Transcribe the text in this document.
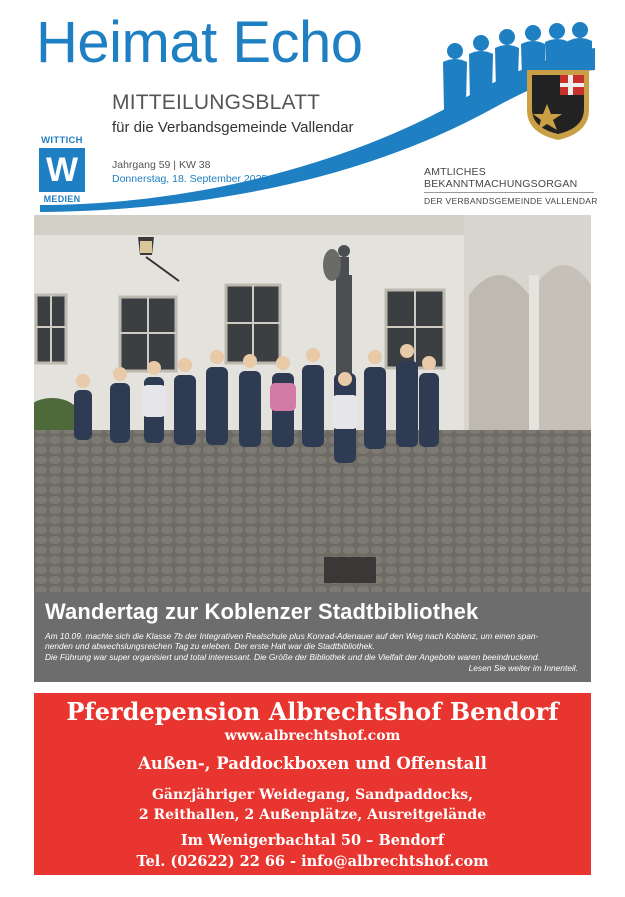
Heimat Echo
MITTEILUNGSBLATT
für die Verbandsgemeinde Vallendar
WITTICH
W
MEDIEN
Jahrgang 59 | KW 38
Donnerstag, 18. September 2025
AMTLICHES
BEKANNTMACHUNGSORGAN
DER VERBANDSGEMEINDE VALLENDAR
Wandertag zur Koblenzer Stadtbibliothek
Am 10.09. machte sich die Klasse 7b der Integrativen Realschule plus Konrad-Adenauer auf den Weg nach Koblenz, um einen span-
nenden und abwechslungsreichen Tag zu erleben. Der erste Halt war die Stadtbibliothek.
Die Führung war super organisiert und total interessant. Die Größe der Bibliothek und die Vielfalt der Angebote waren beeindruckend.
Lesen Sie weiter im Innenteil.
Pferdepension Albrechtshof Bendorf
www.albrechtshof.com
Außen-, Paddockboxen und Offenstall
Gänzjähriger Weidegang, Sandpaddocks,
2 Reithallen, 2 Außenplätze, Ausreitgelände
Im Wenigerbachtal 50 – Bendorf
Tel. (02622) 22 66 - info@albrechtshof.com
